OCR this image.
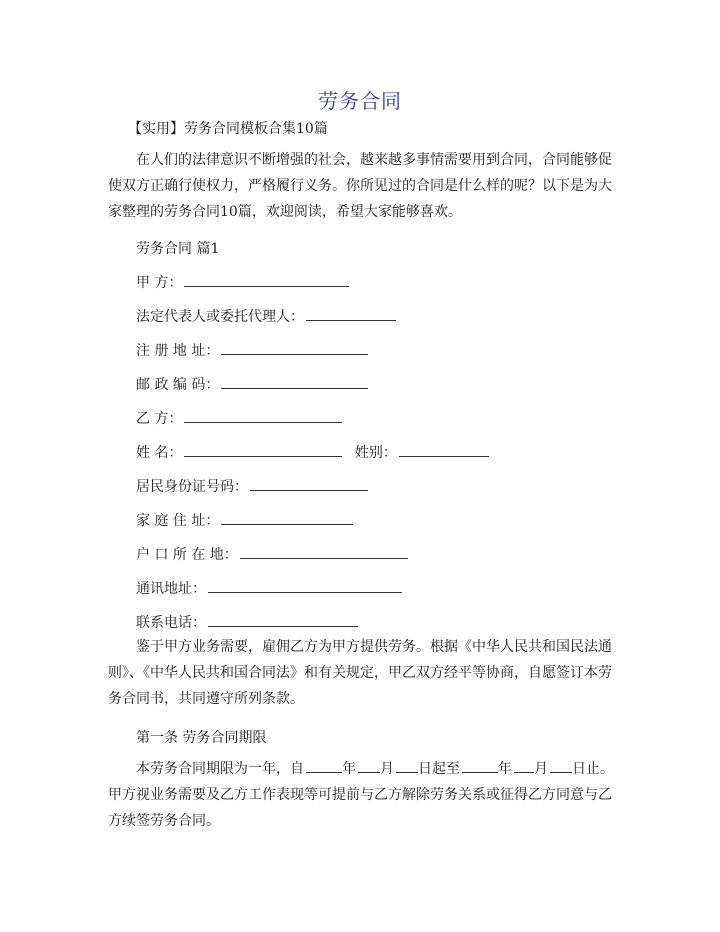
劳务合同
【实用】劳务合同模板合集10篇
在人们的法律意识不断增强的社会，越来越多事情需要用到合同，合同能够促使双方正确行使权力，严格履行义务。你所见过的合同是什么样的呢？以下是为大家整理的劳务合同10篇，欢迎阅读，希望大家能够喜欢。
劳务合同 篇1
甲 方：
法定代表人或委托代理人：
注 册 地 址：
邮 政 编 码：
乙 方：
姓 名：	姓别：
居民身份证号码：
家 庭 住 址：
户 口 所 在 地：
通讯地址：
联系电话：
鉴于甲方业务需要，雇佣乙方为甲方提供劳务。根据《中华人民共和国民法通则》、《中华人民共和国合同法》和有关规定，甲乙双方经平等协商，自愿签订本劳务合同书，共同遵守所列条款。
第一条 劳务合同期限
本劳务合同期限为一年，自	年 月 日起至	年 月 日止。甲方视业务需要及乙方工作表现等可提前与乙方解除劳务关系或征得乙方同意与乙方续签劳务合同。
